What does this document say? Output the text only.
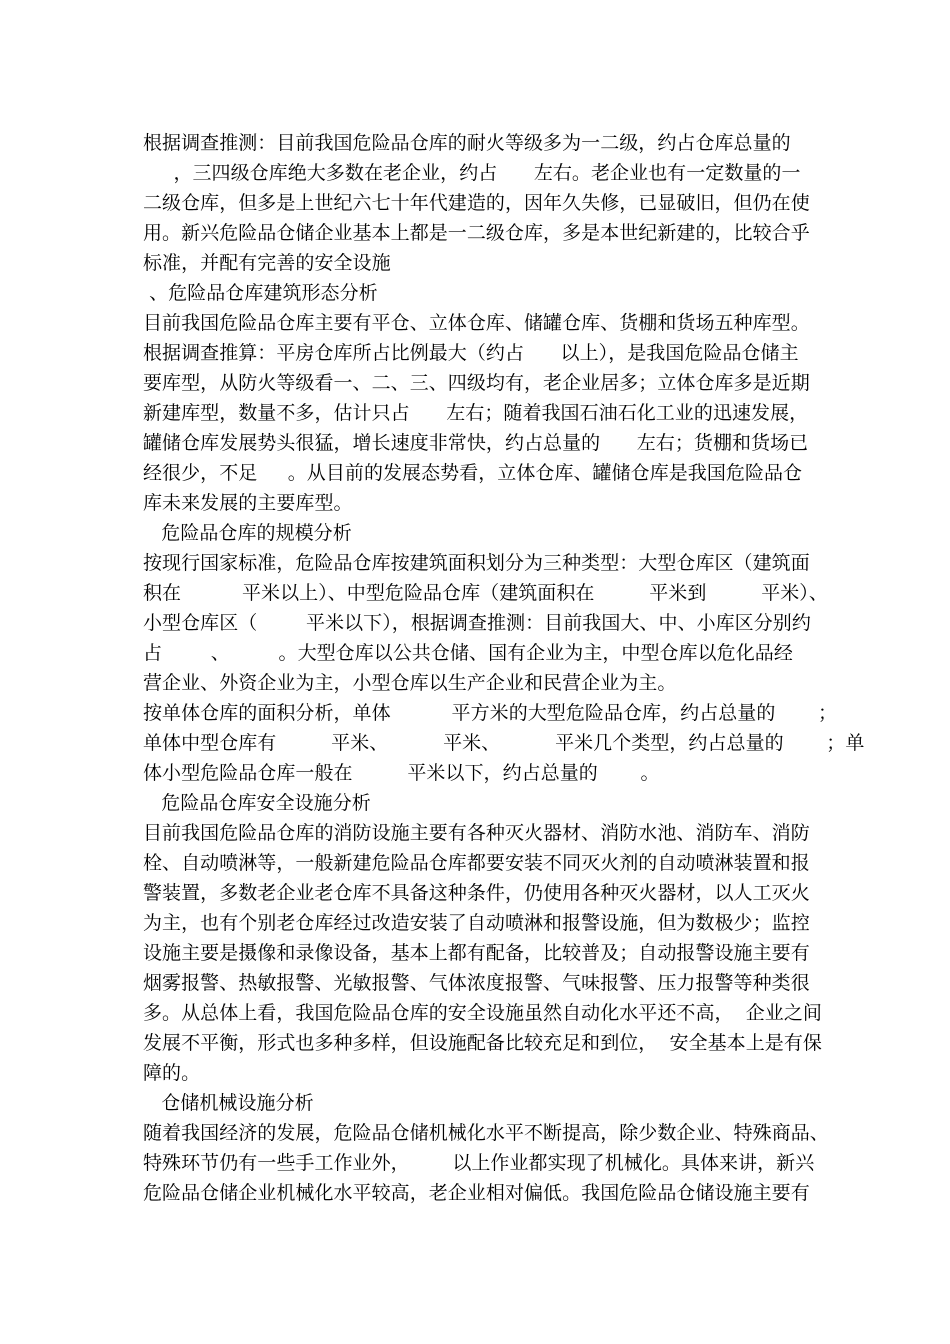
根据调查推测：目前我国危险品仓库的耐火等级多为一二级，约占仓库总量的
，三四级仓库绝大多数在老企业，约占      左右。老企业也有一定数量的一
二级仓库，但多是上世纪六七十年代建造的，因年久失修，已显破旧，但仍在使
用。新兴危险品仓储企业基本上都是一二级仓库，多是本世纪新建的，比较合乎
标准，并配有完善的安全设施
、危险品仓库建筑形态分析
目前我国危险品仓库主要有平仓、立体仓库、储罐仓库、货棚和货场五种库型。
根据调查推算：平房仓库所占比例最大（约占      以上），是我国危险品仓储主
要库型，从防火等级看一、二、三、四级均有，老企业居多；立体仓库多是近期
新建库型，数量不多，估计只占      左右；随着我国石油石化工业的迅速发展，
罐储仓库发展势头很猛，增长速度非常快，约占总量的      左右；货棚和货场已
经很少，不足     。从目前的发展态势看，立体仓库、罐储仓库是我国危险品仓
库未来发展的主要库型。
危险品仓库的规模分析
按现行国家标准，危险品仓库按建筑面积划分为三种类型：大型仓库区（建筑面
积在          平米以上）、中型危险品仓库（建筑面积在         平米到         平米）、
小型仓库区（        平米以下），根据调查推测：目前我国大、中、小库区分别约
占        、        。大型仓库以公共仓储、国有企业为主，中型仓库以危化品经
营企业、外资企业为主，小型仓库以生产企业和民营企业为主。
按单体仓库的面积分析，单体          平方米的大型危险品仓库，约占总量的       ；
单体中型仓库有         平米、         平米、         平米几个类型，约占总量的       ；单
体小型危险品仓库一般在         平米以下，约占总量的       。
危险品仓库安全设施分析
目前我国危险品仓库的消防设施主要有各种灭火器材、消防水池、消防车、消防
栓、自动喷淋等，一般新建危险品仓库都要安装不同灭火剂的自动喷淋装置和报
警装置，多数老企业老仓库不具备这种条件，仍使用各种灭火器材，以人工灭火
为主，也有个别老仓库经过改造安装了自动喷淋和报警设施，但为数极少；监控
设施主要是摄像和录像设备，基本上都有配备，比较普及；自动报警设施主要有
烟雾报警、热敏报警、光敏报警、气体浓度报警、气味报警、压力报警等种类很
多。从总体上看，我国危险品仓库的安全设施虽然自动化水平还不高，  企业之间
发展不平衡，形式也多种多样，但设施配备比较充足和到位，  安全基本上是有保
障的。
仓储机械设施分析
随着我国经济的发展，危险品仓储机械化水平不断提高，除少数企业、特殊商品、
特殊环节仍有一些手工作业外，       以上作业都实现了机械化。具体来讲，新兴
危险品仓储企业机械化水平较高，老企业相对偏低。我国危险品仓储设施主要有
